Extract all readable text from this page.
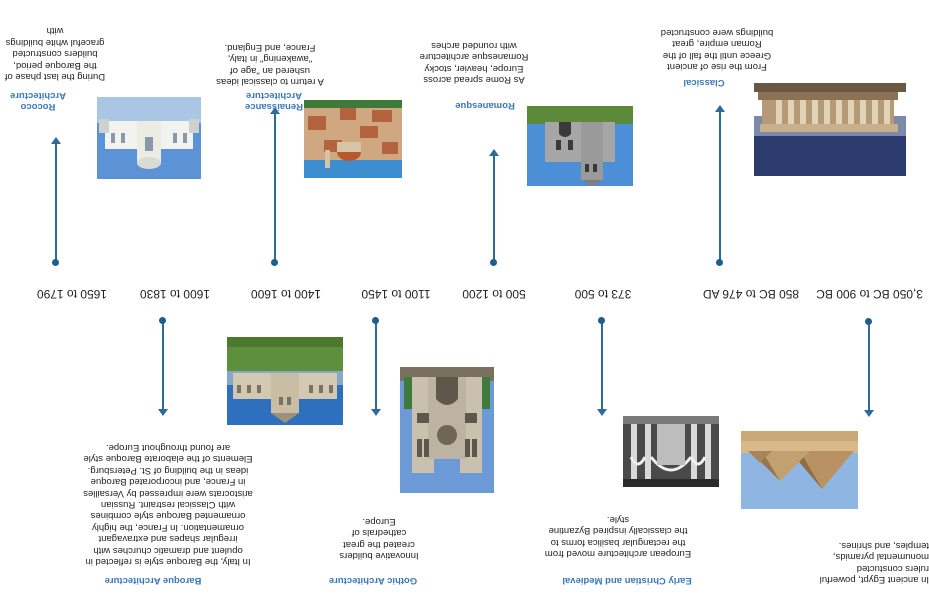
3,050 BC to 900 BC
850 BC to 476 AD
373 to 500
500 to 1200
1100 to 1450
1400 to 1600
1600 to 1830
1650 to 1790
In ancient Egypt, powerful rulers constucted monumental pyramids, temples, and shrines.
Classical
From the rise of ancient Greece until the fall of the Roman empire, great buildings were constructed
Early Christian and Medieval
European architecture moved from the rectangular basilica forms to the classically inspired Byzantine style.
Romanesque
As Rome spread across Europe, heavier, stocky Romanesque architecture with rounded arches
Gothic Architecture
Innovative builders created the great cathedrals of Europe.
Renaissance Architecture
A return to classical ideas ushered an "age of "awakening" in Italy, France, and England.
Baroque Architecture
In Italy, the Baroque style is reflected in opulent and dramatic churches with irregular shapes and extravagant ornamentation. In France, the highly ornamented Baroque style combines with Classical restraint. Russian aristocrats were impressed by Versailles in France, and incorporated Baroque ideas in the building of St. Petersburg. Elements of the elaborate Baroque style are found throughout Europe.
Rococo Architecture
During the last phase of the Baroque period, builders constructed graceful white buildings with
